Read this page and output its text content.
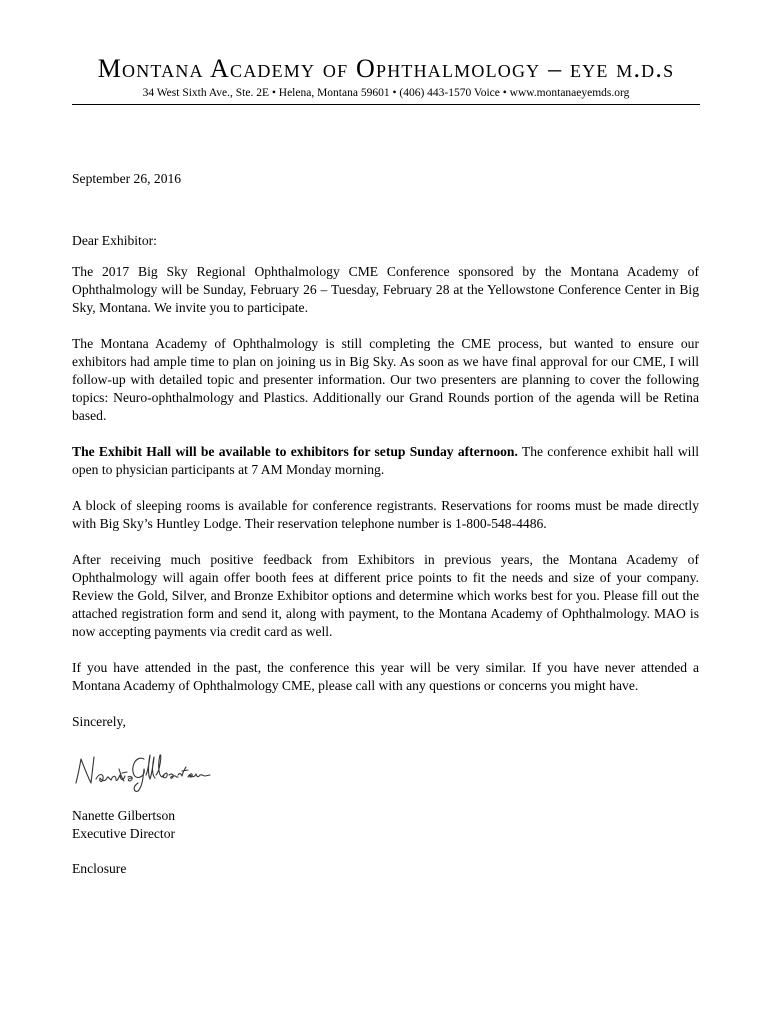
Montana Academy of Ophthalmology – eye m.d.s
34 West Sixth Ave., Ste. 2E • Helena, Montana 59601 • (406) 443-1570 Voice • www.montanaeyemds.org

September 26, 2016

Dear Exhibitor:

The 2017 Big Sky Regional Ophthalmology CME Conference sponsored by the Montana Academy of Ophthalmology will be Sunday, February 26 – Tuesday, February 28 at the Yellowstone Conference Center in Big Sky, Montana. We invite you to participate.

The Montana Academy of Ophthalmology is still completing the CME process, but wanted to ensure our exhibitors had ample time to plan on joining us in Big Sky. As soon as we have final approval for our CME, I will follow-up with detailed topic and presenter information. Our two presenters are planning to cover the following topics: Neuro-ophthalmology and Plastics. Additionally our Grand Rounds portion of the agenda will be Retina based.

The Exhibit Hall will be available to exhibitors for setup Sunday afternoon. The conference exhibit hall will open to physician participants at 7 AM Monday morning.

A block of sleeping rooms is available for conference registrants. Reservations for rooms must be made directly with Big Sky’s Huntley Lodge. Their reservation telephone number is 1-800-548-4486.

After receiving much positive feedback from Exhibitors in previous years, the Montana Academy of Ophthalmology will again offer booth fees at different price points to fit the needs and size of your company. Review the Gold, Silver, and Bronze Exhibitor options and determine which works best for you. Please fill out the attached registration form and send it, along with payment, to the Montana Academy of Ophthalmology. MAO is now accepting payments via credit card as well.

If you have attended in the past, the conference this year will be very similar. If you have never attended a Montana Academy of Ophthalmology CME, please call with any questions or concerns you might have.

Sincerely,

Nanette Gilbertson

Executive Director

Enclosure
